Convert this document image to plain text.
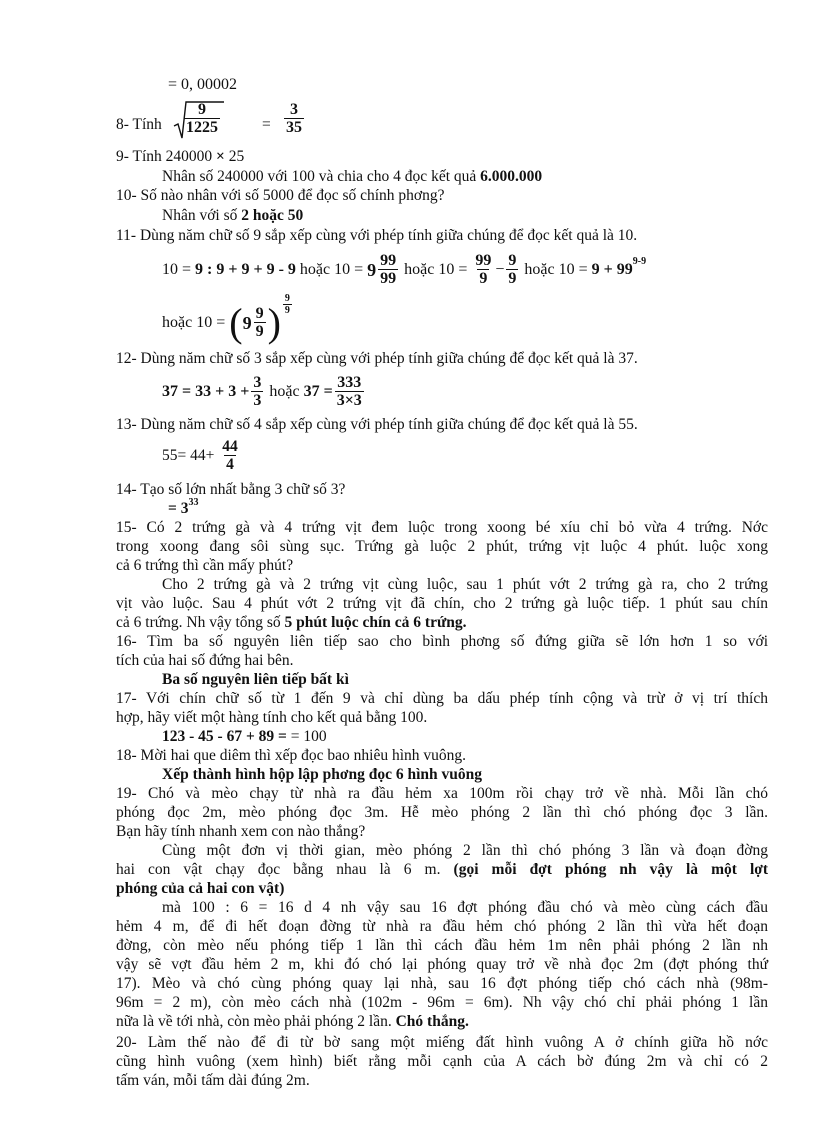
= 0, 00002
8- Tính $\frac{9}{1225}$	= $\frac{3}{35}$
9- Tính 240000 × 25
Nhân số 240000 với 100 và chia cho 4 đọc kết quả 6.000.000
10- Số nào nhân với số 5000 để đọc số chính phơng?
Nhân với số 2 hoặc 50
11- Dùng năm chữ số 9 sắp xếp cùng với phép tính giữa chúng để đọc kết quả là 10.
10 =
9 : 9 + 9 + 9 - 9
hoặc
10 =
$9 \frac{99}{99}$
hoặc
10 =
$\frac{99}{9} - \frac{9}{9}$
hoặc
10 =
9 + 99 9-9
hoặc 10 =
( $9 \frac{9}{9}$ ) $\frac{9}{9}$
12- Dùng năm chữ số 3 sắp xếp cùng với phép tính giữa chúng để đọc kết quả là 37.
$37 = 33 + 3 + \frac{3}{3}$
hoặc
$37 = \frac{333}{3\times 3}$
13- Dùng năm chữ số 4 sắp xếp cùng với phép tính giữa chúng để đọc kết quả là 55.
55= 44+
$\frac{44}{4}$
14- Tạo số lớn nhất bằng 3 chữ số 3?
= $3^{33}$
15- Có 2 trứng gà và 4 trứng vịt đem luộc trong xoong bé xíu chỉ bỏ vừa 4 trứng. Nớc
trong xoong đang sôi sùng sục. Trứng gà luộc 2 phút, trứng vịt luộc 4 phút. luộc xong
cả 6 trứng thì cần mấy phút?
Cho 2 trứng gà và 2 trứng vịt cùng luộc, sau 1 phút vớt 2 trứng gà ra, cho 2 trứng
vịt vào luộc. Sau 4 phút vớt 2 trứng vịt đã chín, cho 2 trứng gà luộc tiếp. 1 phút sau chín
cả 6 trứng. Nh vậy tổng số 5 phút luộc chín cả 6 trứng.
16- Tìm ba số nguyên liên tiếp sao cho bình phơng số đứng giữa sẽ lớn hơn 1 so với
tích của hai số đứng hai bên.
Ba số nguyên liên tiếp bất kì
17- Với chín chữ số từ 1 đến 9 và chỉ dùng ba dấu phép tính cộng và trừ ở vị trí thích
hợp, hãy viết một hàng tính cho kết quả bằng 100.
123 - 45 - 67 + 89 = = 100
18- Mời hai que diêm thì xếp đọc bao nhiêu hình vuông.
Xếp thành hình hộp lập phơng đọc 6 hình vuông
19- Chó và mèo chạy từ nhà ra đầu hẻm xa 100m rồi chạy trở về nhà. Mỗi lần chó
phóng đọc 2m, mèo phóng đọc 3m. Hễ mèo phóng 2 lần thì chó phóng đọc 3 lần.
Bạn hãy tính nhanh xem con nào thắng?
Cùng một đơn vị thời gian, mèo phóng 2 lần thì chó phóng 3 lần và đoạn đờng
hai con vật chạy đọc bằng nhau là 6 m. (gọi mỗi đợt phóng nh vậy là một lợt
phóng của cả hai con vật)
mà 100 : 6 = 16 d 4 nh vậy sau 16 đợt phóng đầu chó và mèo cùng cách đầu
hẻm 4 m, để đi hết đoạn đờng từ nhà ra đầu hẻm chó phóng 2 lần thì vừa hết đoạn
đờng, còn mèo nếu phóng tiếp 1 lần thì cách đầu hẻm 1m nên phải phóng 2 lần nh
vậy sẽ vợt đầu hẻm 2 m, khi đó chó lại phóng quay trở về nhà đọc 2m (đợt phóng thứ
17). Mèo và chó cùng phóng quay lại nhà, sau 16 đợt phóng tiếp chó cách nhà (98m-
96m = 2 m), còn mèo cách nhà (102m - 96m = 6m). Nh vậy chó chỉ phải phóng 1 lần
nữa là về tới nhà, còn mèo phải phóng 2 lần. Chó thắng.
20- Làm thế nào để đi từ bờ sang một miếng đất hình vuông A ở chính giữa hồ nớc
cũng hình vuông (xem hình) biết rằng mỗi cạnh của A cách bờ đúng 2m và chỉ có 2
tấm ván, mỗi tấm dài đúng 2m.
